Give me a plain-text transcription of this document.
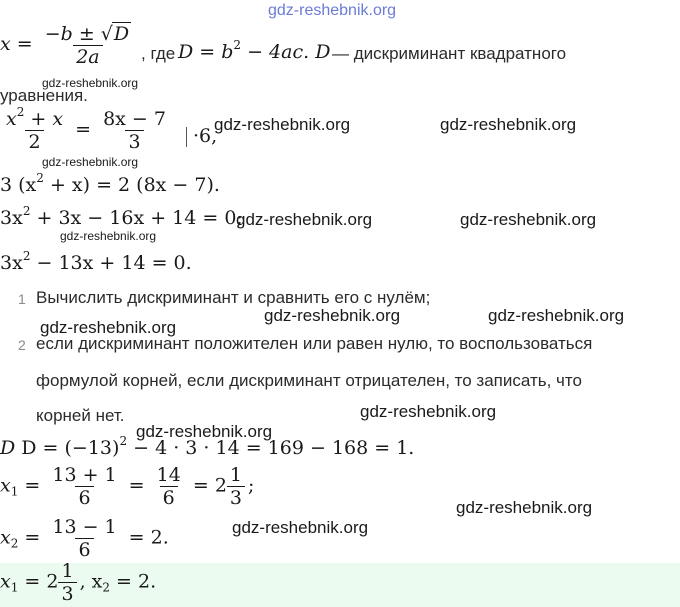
gdz-reshebnik.org
$x = \frac{-b \pm √D}{2a}$ , где $D = b^2 - 4ac$. D — дискриминант квадратного
gdz-reshebnik.org
уравнения.
$\frac{x^2 + x}{2} = \frac{8x - 7}{3}$	·6,
gdz-reshebnik.org	gdz-reshebnik.org
gdz-reshebnik.org
3 $(x^2 + x) = 2$ (8x − 7).
$3x^2 + 3x - 16x + 14 = 0$;
gdz-reshebnik.org	gdz-reshebnik.org
gdz-reshebnik.org
$3x^2 - 13x + 14 = 0$.
1 Вычислить дискриминант и сравнить его с нулём;
gdz-reshebnik.org
gdz-reshebnik.org	gdz-reshebnik.org
2 если дискриминант положителен или равен нулю, то воспользоваться
формулой корней, если дискриминант отрицателен, то записать, что
корней нет.	gdz-reshebnik.org
gdz-reshebnik.org
D $D = (-13)^2 - 4 \cdot 3 \cdot 14 = 169 - 168 = 1$.
$x_1 = \frac{13 + 1}{6} = \frac{14}{6} = 2 \frac{1}{3}$ ;
gdz-reshebnik.org
gdz-reshebnik.org
$x_2 = \frac{13 - 1}{6} = 2$.
$x_1 = 2 \frac{1}{3}$ , $x_2 = 2$.
